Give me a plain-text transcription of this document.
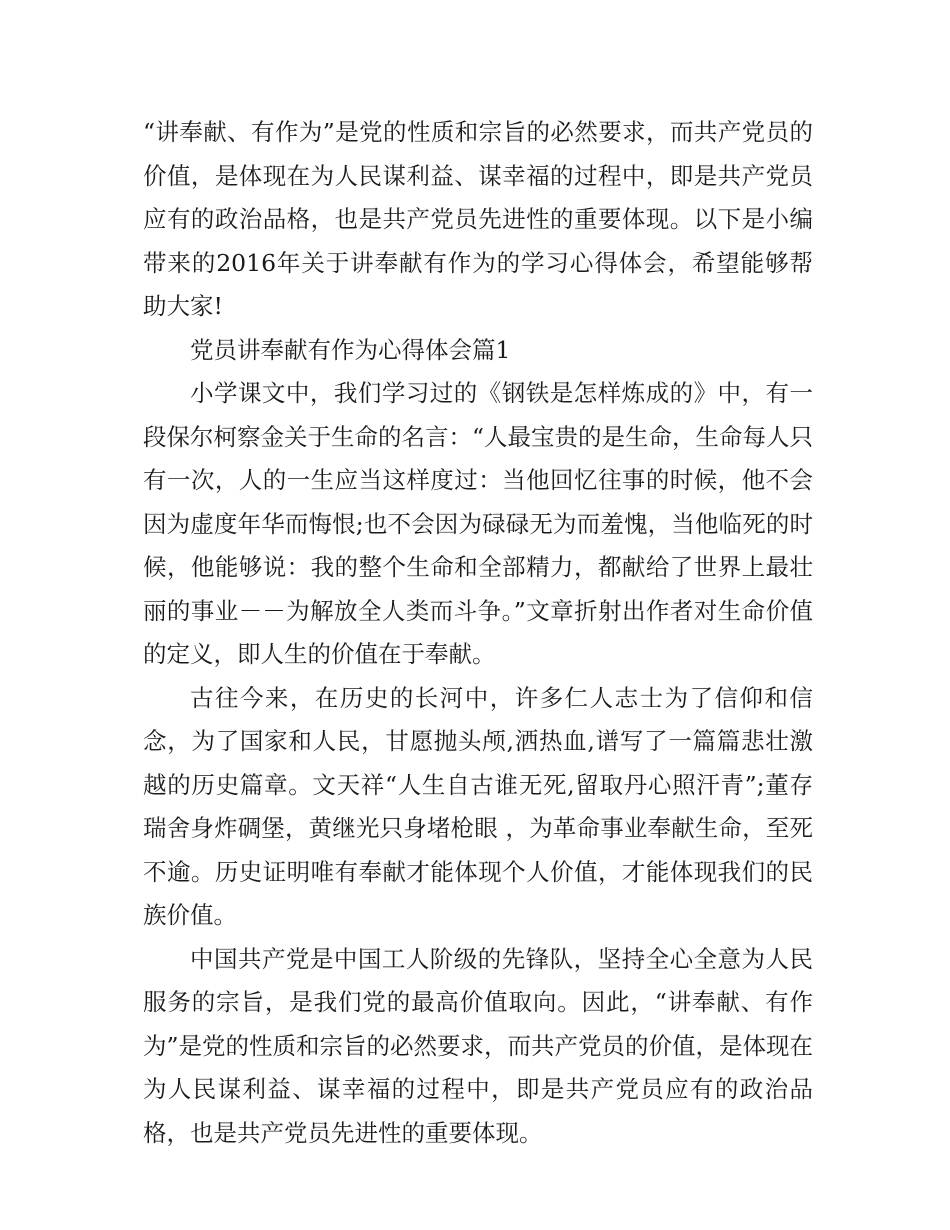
“讲奉献、有作为”是党的性质和宗旨的必然要求，而共产党员的价值，是体现在为人民谋利益、谋幸福的过程中，即是共产党员应有的政治品格，也是共产党员先进性的重要体现。以下是小编带来的2016年关于讲奉献有作为的学习心得体会，希望能够帮助大家!

党员讲奉献有作为心得体会篇1

小学课文中，我们学习过的《钢铁是怎样炼成的》中，有一段保尔柯察金关于生命的名言：“人最宝贵的是生命，生命每人只有一次，人的一生应当这样度过：当他回忆往事的时候，他不会因为虚度年华而悔恨;也不会因为碌碌无为而羞愧，当他临死的时候，他能够说：我的整个生命和全部精力，都献给了世界上最壮丽的事业－－为解放全人类而斗争。”文章折射出作者对生命价值的定义，即人生的价值在于奉献。

古往今来，在历史的长河中，许多仁人志士为了信仰和信念，为了国家和人民，甘愿抛头颅,洒热血,谱写了一篇篇悲壮激越的历史篇章。文天祥“人生自古谁无死,留取丹心照汗青”;董存瑞舍身炸碉堡，黄继光只身堵枪眼 ，为革命事业奉献生命，至死不逾。历史证明唯有奉献才能体现个人价值，才能体现我们的民族价值。

中国共产党是中国工人阶级的先锋队，坚持全心全意为人民服务的宗旨，是我们党的最高价值取向。因此，“讲奉献、有作为”是党的性质和宗旨的必然要求，而共产党员的价值，是体现在为人民谋利益、谋幸福的过程中，即是共产党员应有的政治品格，也是共产党员先进性的重要体现。
